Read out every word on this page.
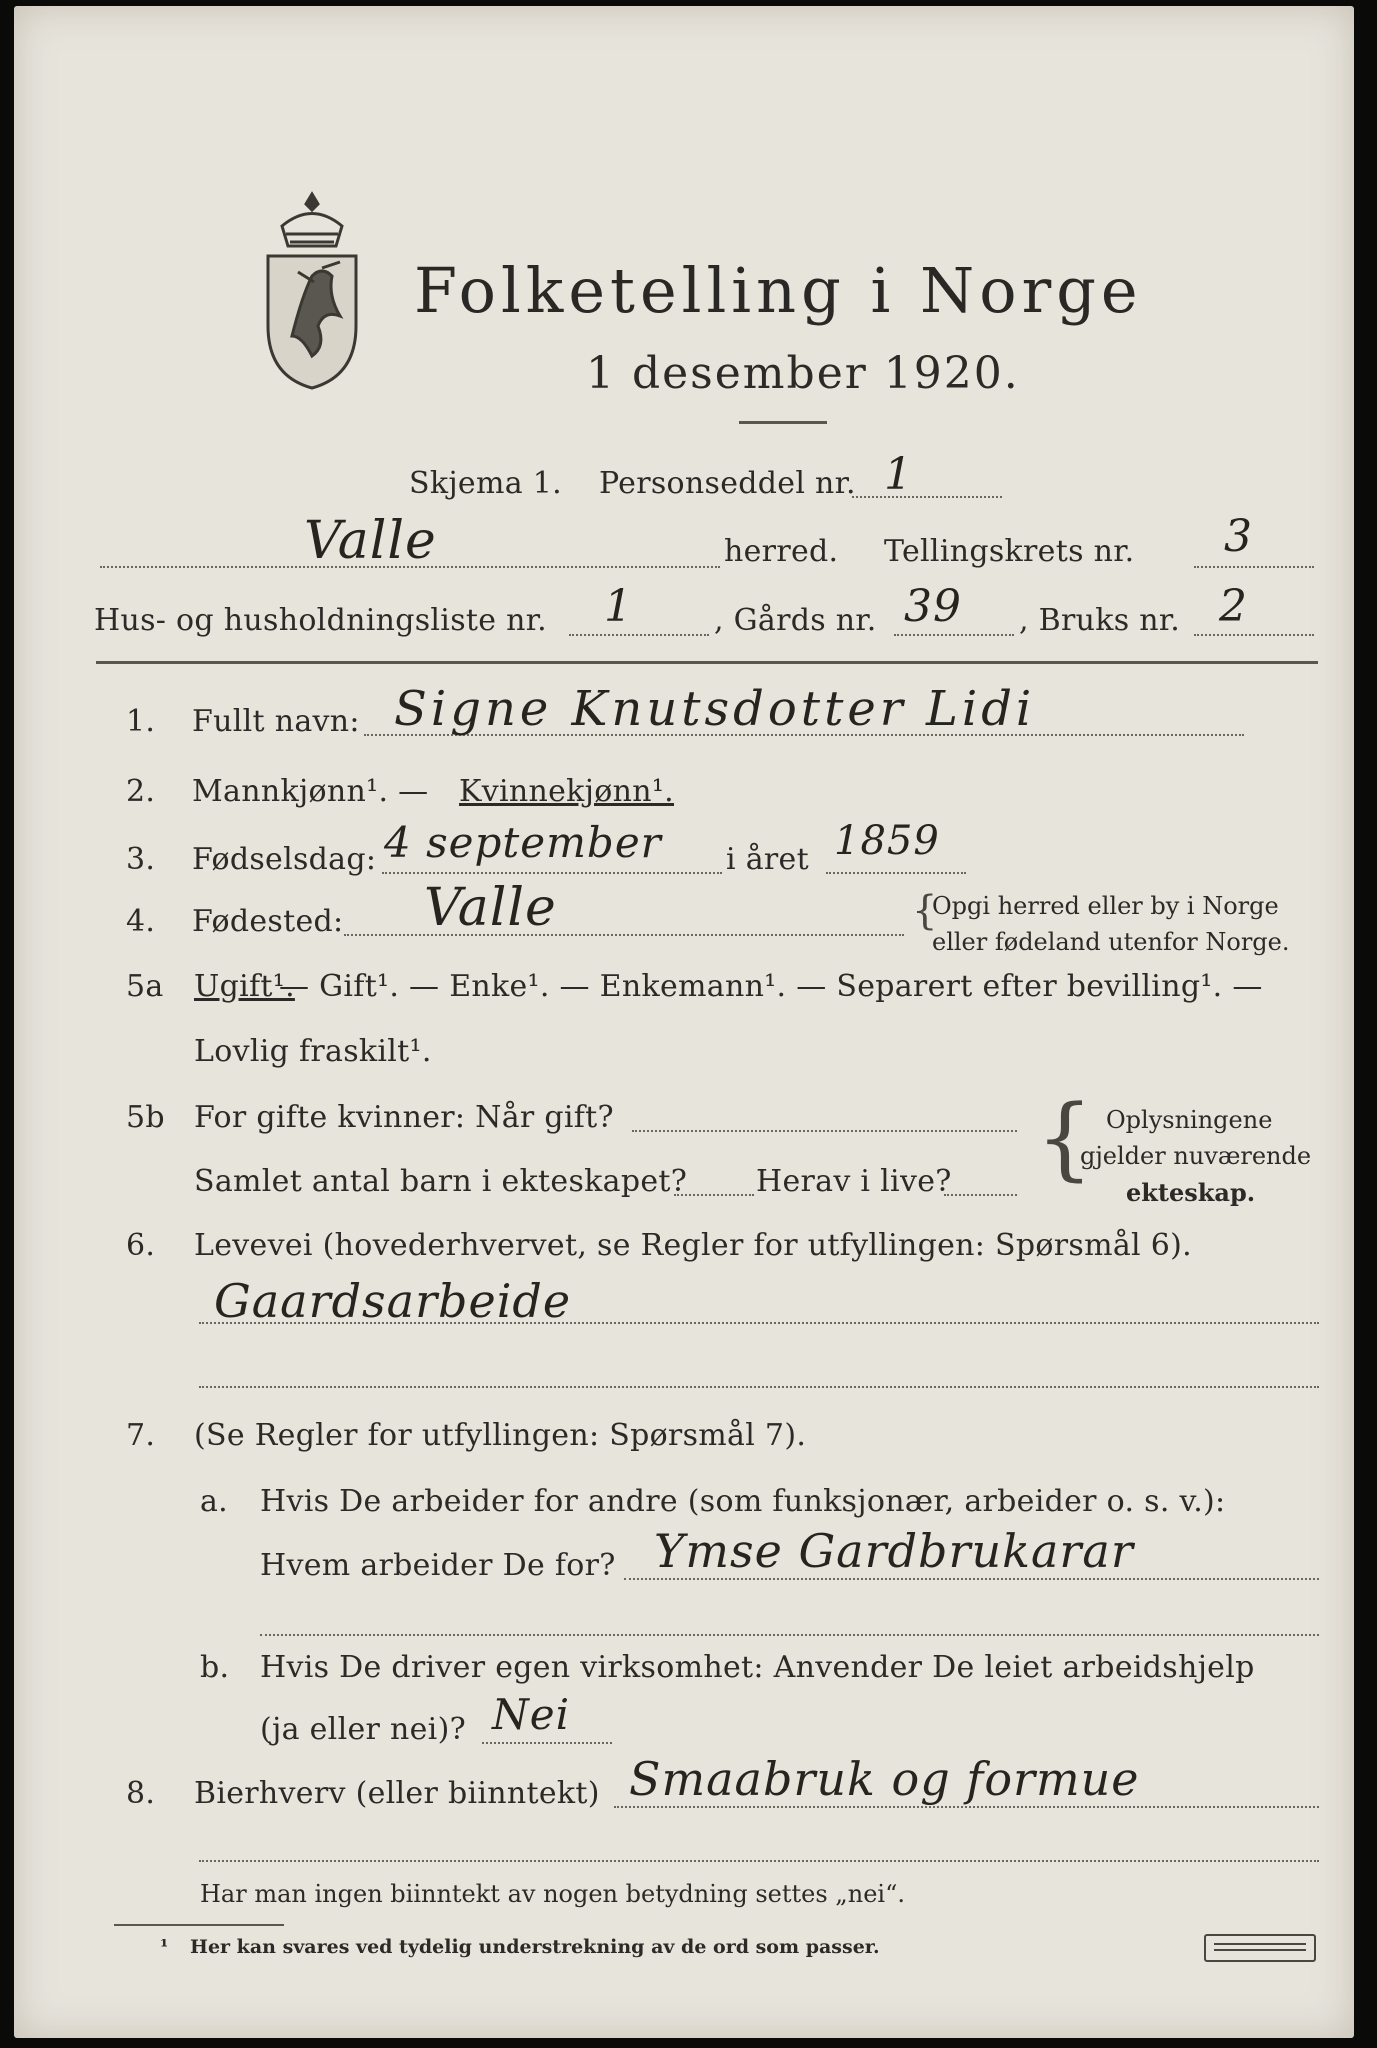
Folketelling i Norge
1 desember 1920.
Skjema 1. Personseddel nr. 1
Valle	herred. Tellingskrets nr. 3
Hus- og husholdningsliste nr. 1	, Gårds nr. 39 , Bruks nr. 2
1. Fullt navn: Signe Knutsdotter Lidi
2. Mannkjønn¹. — Kvinnekjønn¹.
3. Fødselsdag: 4 september i året 1859
4. Fødested: Valle	{
Opgi herred eller by i Norge
eller fødeland utenfor Norge.
5a Ugift¹.
— Gift¹. — Enke¹. — Enkemann¹. — Separert efter bevilling¹. —
Lovlig fraskilt¹.
5b For gifte kvinner: Når gift?
Samlet antal barn i ekteskapet? Herav i live? { Oplysningene
gjelder nuværende
ekteskap.
6. Levevei (hovederhvervet, se Regler for utfyllingen: Spørsmål 6).
Gaardsarbeide
7. (Se Regler for utfyllingen: Spørsmål 7).
a. Hvis De arbeider for andre (som funksjonær, arbeider o. s. v.):
Hvem arbeider De for? Ymse Gardbrukarar
b. Hvis De driver egen virksomhet: Anvender De leiet arbeidshjelp
(ja eller nei)? Nei
8. Bierhverv (eller biinntekt) Smaabruk og formue
Har man ingen biinntekt av nogen betydning settes „nei“.
¹ Her kan svares ved tydelig understrekning av de ord som passer.
